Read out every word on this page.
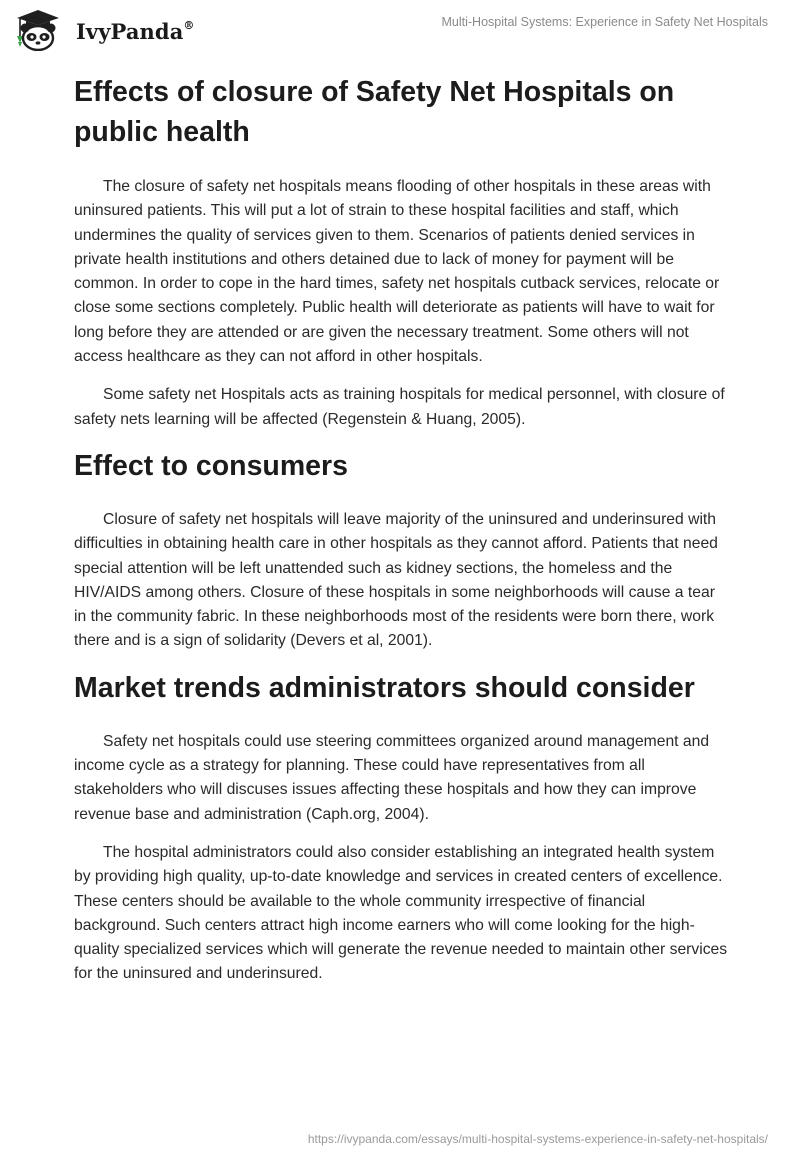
IvyPanda®	Multi-Hospital Systems: Experience in Safety Net Hospitals
Effects of closure of Safety Net Hospitals on public health

The closure of safety net hospitals means flooding of other hospitals in these areas with uninsured patients. This will put a lot of strain to these hospital facilities and staff, which undermines the quality of services given to them. Scenarios of patients denied services in private health institutions and others detained due to lack of money for payment will be common. In order to cope in the hard times, safety net hospitals cutback services, relocate or close some sections completely. Public health will deteriorate as patients will have to wait for long before they are attended or are given the necessary treatment. Some others will not access healthcare as they can not afford in other hospitals.

Some safety net Hospitals acts as training hospitals for medical personnel, with closure of safety nets learning will be affected (Regenstein & Huang, 2005).

Effect to consumers

Closure of safety net hospitals will leave majority of the uninsured and underinsured with difficulties in obtaining health care in other hospitals as they cannot afford. Patients that need special attention will be left unattended such as kidney sections, the homeless and the HIV/AIDS among others. Closure of these hospitals in some neighborhoods will cause a tear in the community fabric. In these neighborhoods most of the residents were born there, work there and is a sign of solidarity (Devers et al, 2001).

Market trends administrators should consider

Safety net hospitals could use steering committees organized around management and income cycle as a strategy for planning. These could have representatives from all stakeholders who will discuses issues affecting these hospitals and how they can improve revenue base and administration (Caph.org, 2004).

The hospital administrators could also consider establishing an integrated health system by providing high quality, up-to-date knowledge and services in created centers of excellence. These centers should be available to the whole community irrespective of financial background. Such centers attract high income earners who will come looking for the high-quality specialized services which will generate the revenue needed to maintain other services for the uninsured and underinsured.

https://ivypanda.com/essays/multi-hospital-systems-experience-in-safety-net-hospitals/
